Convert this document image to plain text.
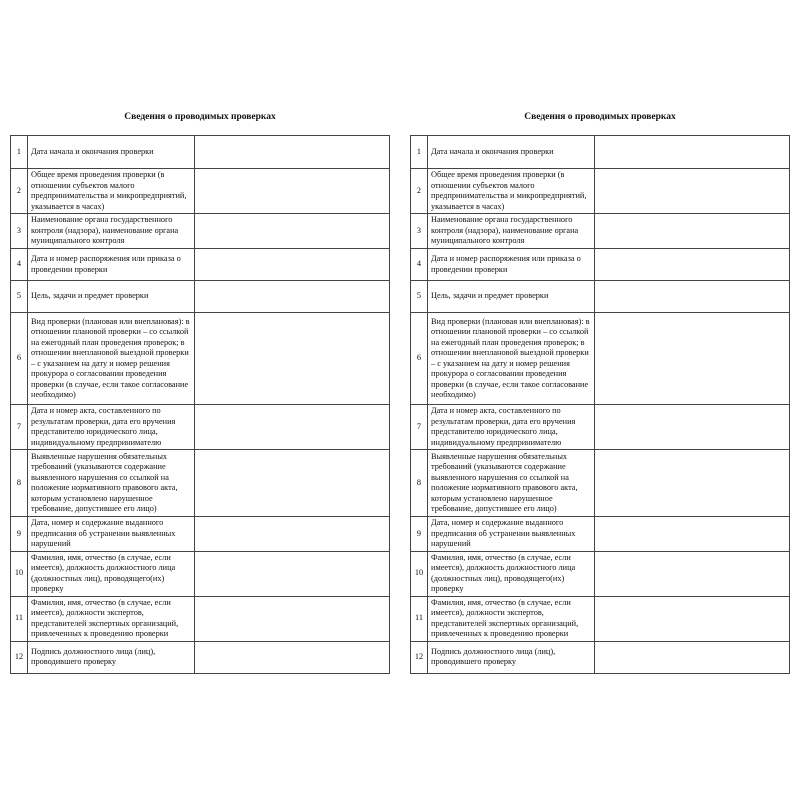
Сведения о проводимых проверках
1	Дата начала и окончания проверки	
2	Общее время проведения проверки (в отношении субъектов малого предпринимательства и микропредприятий, указывается в часах)	
3	Наименование органа государственного контроля (надзора), наименование органа муниципального контроля	
4	Дата и номер распоряжения или приказа о проведении проверки	
5	Цель, задачи и предмет проверки	
6	Вид проверки (плановая или внеплановая): в отношении плановой проверки – со ссылкой на ежегодный план проведения проверок; в отношении внеплановой выездной проверки – с указанием на дату и номер решения прокурора о согласовании проведения проверки (в случае, если такое согласование необходимо)	
7	Дата и номер акта, составленного по результатам проверки, дата его вручения представителю юридического лица, индивидуальному предпринимателю	
8	Выявленные нарушения обязательных требований (указываются содержание выявленного нарушения со ссылкой на положение нормативного правового акта, которым установлено нарушенное требование, допустившее его лицо)	
9	Дата, номер и содержание выданного предписания об устранении выявленных нарушений	
10	Фамилия, имя, отчество (в случае, если имеется), должность должностного лица (должностных лиц), проводящего(их) проверку	
11	Фамилия, имя, отчество (в случае, если имеется), должности экспертов, представителей экспертных организаций, привлеченных к проведению проверки	
12	Подпись должностного лица (лиц), проводившего проверку	
Сведения о проводимых проверках
1	Дата начала и окончания проверки	
2	Общее время проведения проверки (в отношении субъектов малого предпринимательства и микропредприятий, указывается в часах)	
3	Наименование органа государственного контроля (надзора), наименование органа муниципального контроля	
4	Дата и номер распоряжения или приказа о проведении проверки	
5	Цель, задачи и предмет проверки	
6	Вид проверки (плановая или внеплановая): в отношении плановой проверки – со ссылкой на ежегодный план проведения проверок; в отношении внеплановой выездной проверки – с указанием на дату и номер решения прокурора о согласовании проведения проверки (в случае, если такое согласование необходимо)	
7	Дата и номер акта, составленного по результатам проверки, дата его вручения представителю юридического лица, индивидуальному предпринимателю	
8	Выявленные нарушения обязательных требований (указываются содержание выявленного нарушения со ссылкой на положение нормативного правового акта, которым установлено нарушенное требование, допустившее его лицо)	
9	Дата, номер и содержание выданного предписания об устранении выявленных нарушений	
10	Фамилия, имя, отчество (в случае, если имеется), должность должностного лица (должностных лиц), проводящего(их) проверку	
11	Фамилия, имя, отчество (в случае, если имеется), должности экспертов, представителей экспертных организаций, привлеченных к проведению проверки	
12	Подпись должностного лица (лиц), проводившего проверку	
